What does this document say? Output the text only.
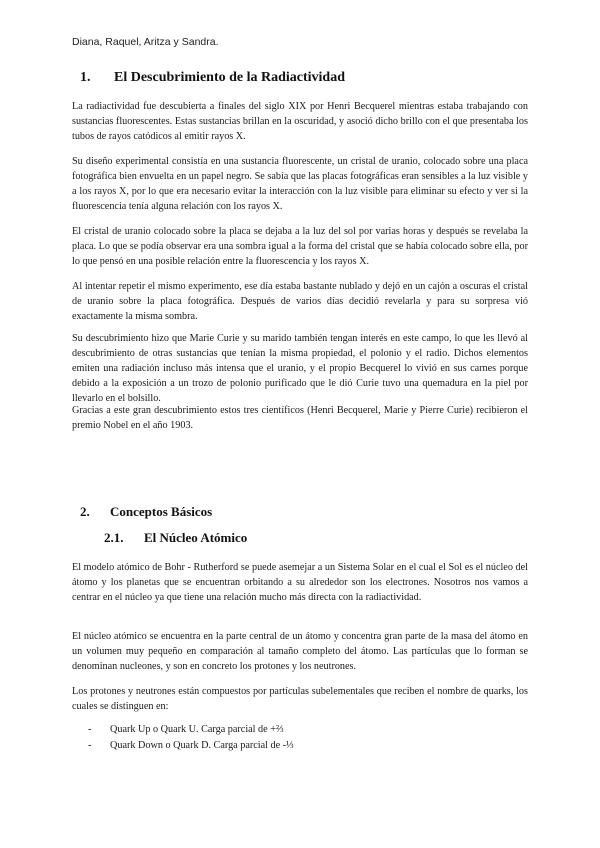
Diana, Raquel, Aritza y Sandra.
1. El Descubrimiento de la Radiactividad

La radiactividad fue descubierta a finales del siglo XIX por Henri Becquerel mientras estaba trabajando con sustancias fluorescentes. Estas sustancias brillan en la oscuridad, y asoció dicho brillo con el que presentaba los tubos de rayos catódicos al emitir rayos X.

Su diseño experimental consistía en una sustancia fluorescente, un cristal de uranio, colocado sobre una placa fotográfica bien envuelta en un papel negro. Se sabía que las placas fotográficas eran sensibles a la luz visible y a los rayos X, por lo que era necesario evitar la interacción con la luz visible para eliminar su efecto y ver si la fluorescencia tenía alguna relación con los rayos X.

El cristal de uranio colocado sobre la placa se dejaba a la luz del sol por varias horas y después se revelaba la placa. Lo que se podía observar era una sombra igual a la forma del cristal que se había colocado sobre ella, por lo que pensó en una posible relación entre la fluorescencia y los rayos X.

Al intentar repetir el mismo experimento, ese día estaba bastante nublado y dejó en un cajón a oscuras el cristal de uranio sobre la placa fotográfica. Después de varios días decidió revelarla y para su sorpresa vió exactamente la misma sombra.

Su descubrimiento hizo que Marie Curie y su marido también tengan interés en este campo, lo que les llevó al descubrimiento de otras sustancias que tenían la misma propiedad, el polonio y el radio. Dichos elementos emiten una radiación incluso más intensa que el uranio, y el propio Becquerel lo vivió en sus carnes porque debido a la exposición a un trozo de polonio purificado que le dió Curie tuvo una quemadura en la piel por llevarlo en el bolsillo.

Gracias a este gran descubrimiento estos tres científicos (Henri Becquerel, Marie y Pierre Curie) recibieron el premio Nobel en el año 1903.

2. Conceptos Básicos
2.1. El Núcleo Atómico

El modelo atómico de Bohr - Rutherford se puede asemejar a un Sistema Solar en el cual el Sol es el núcleo del átomo y los planetas que se encuentran orbitando a su alrededor son los electrones. Nosotros nos vamos a centrar en el núcleo ya que tiene una relación mucho más directa con la radiactividad.

El núcleo atómico se encuentra en la parte central de un átomo y concentra gran parte de la masa del átomo en un volumen muy pequeño en comparación al tamaño completo del átomo. Las partículas que lo forman se denominan nucleones, y son en concreto los protones y los neutrones.

Los protones y neutrones están compuestos por partículas subelementales que reciben el nombre de quarks, los cuales se distinguen en:

- Quark Up o Quark U. Carga parcial de +⅔
- Quark Down o Quark D. Carga parcial de -⅓
